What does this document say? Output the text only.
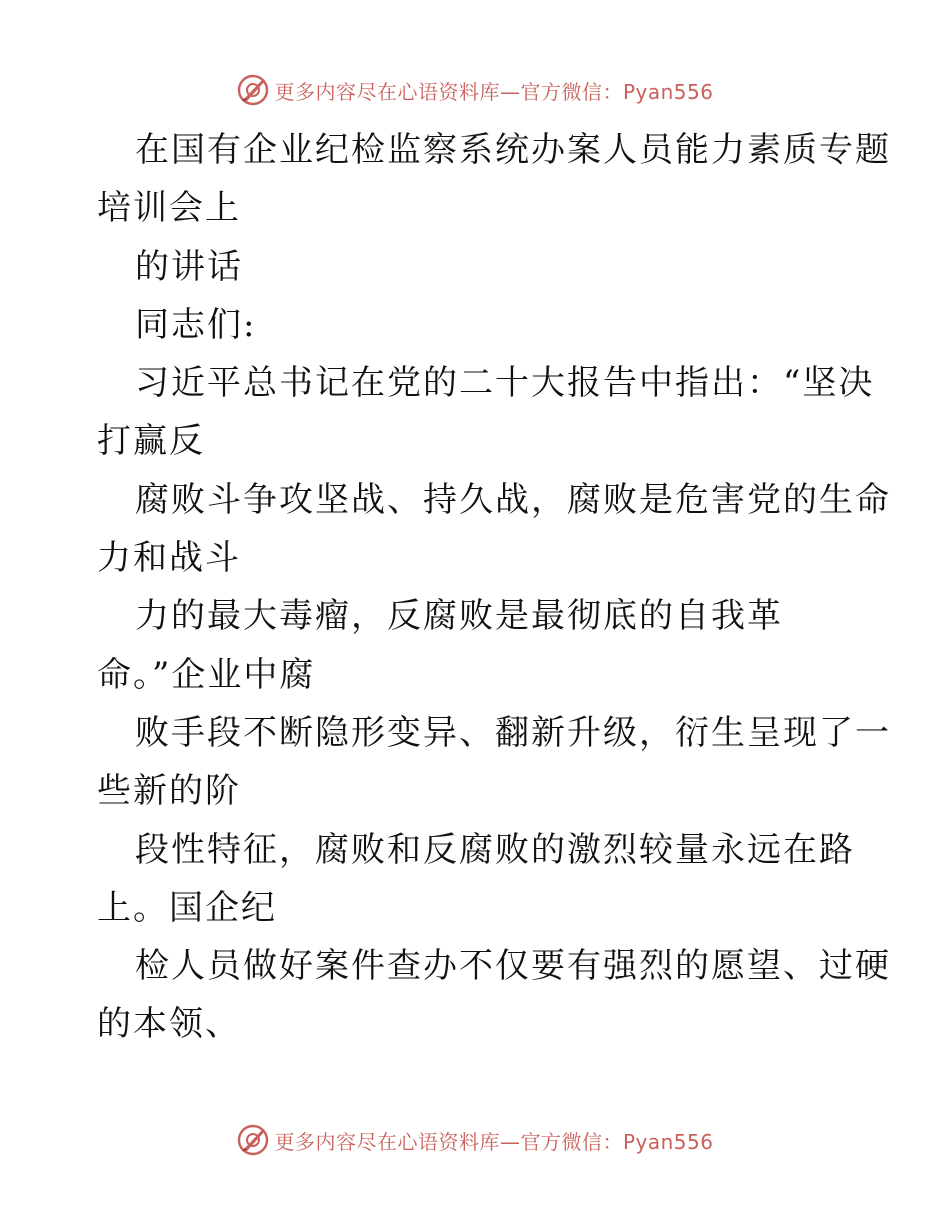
更多内容尽在心语资料库—官方微信：Pyan556
在国有企业纪检监察系统办案人员能力素质专题
培训会上
的讲话
同志们:
习近平总书记在党的二十大报告中指出：“坚决
打赢反
腐败斗争攻坚战、持久战，腐败是危害党的生命
力和战斗
力的最大毒瘤，反腐败是最彻底的自我革
命。”企业中腐
败手段不断隐形变异、翻新升级，衍生呈现了一
些新的阶
段性特征，腐败和反腐败的激烈较量永远在路
上。国企纪
检人员做好案件查办不仅要有强烈的愿望、过硬
的本领、
更多内容尽在心语资料库—官方微信：Pyan556
